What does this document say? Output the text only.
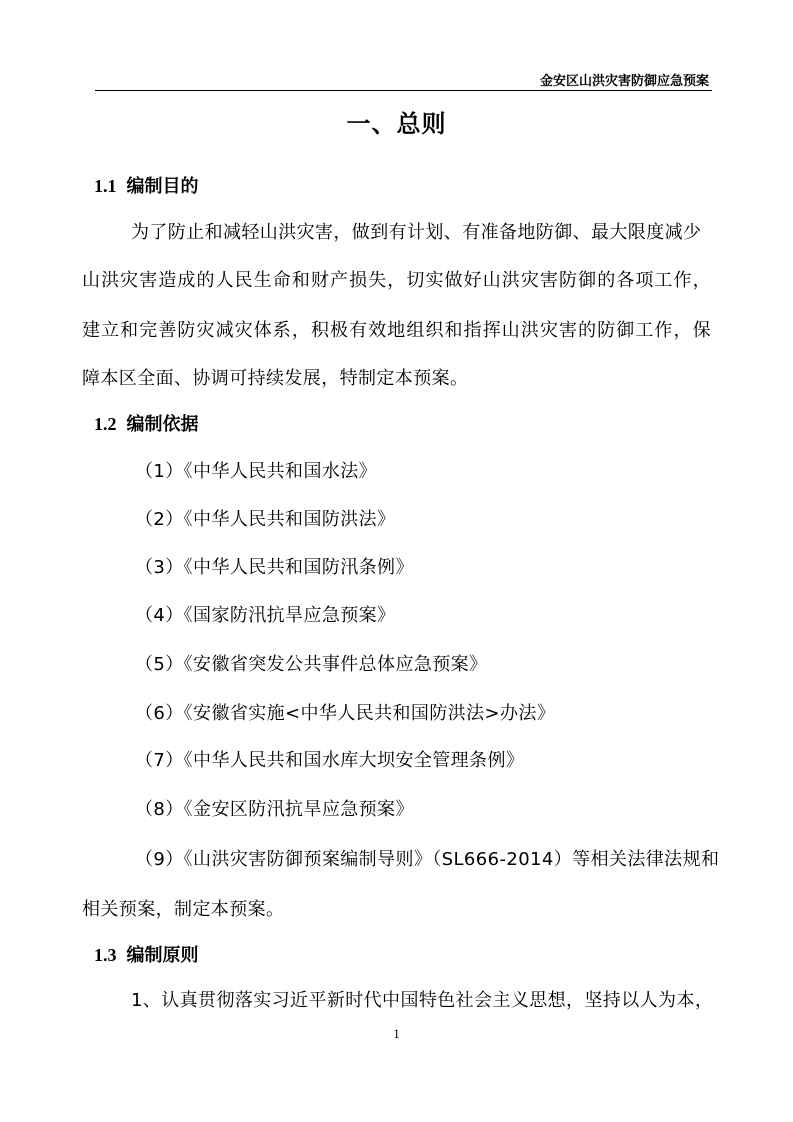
金安区山洪灾害防御应急预案
一、总则
1.1 编制目的
为了防止和减轻山洪灾害，做到有计划、有准备地防御、最大限度减少
山洪灾害造成的人民生命和财产损失，切实做好山洪灾害防御的各项工作，
建立和完善防灾减灾体系，积极有效地组织和指挥山洪灾害的防御工作，保
障本区全面、协调可持续发展，特制定本预案。
1.2 编制依据
（1）《中华人民共和国水法》
（2）《中华人民共和国防洪法》
（3）《中华人民共和国防汛条例》
（4）《国家防汛抗旱应急预案》
（5）《安徽省突发公共事件总体应急预案》
（6）《安徽省实施<中华人民共和国防洪法>办法》
（7）《中华人民共和国水库大坝安全管理条例》
（8）《金安区防汛抗旱应急预案》
（9）《山洪灾害防御预案编制导则》（SL666-2014）等相关法律法规和
相关预案，制定本预案。
1.3 编制原则
1、认真贯彻落实习近平新时代中国特色社会主义思想，坚持以人为本，
1
